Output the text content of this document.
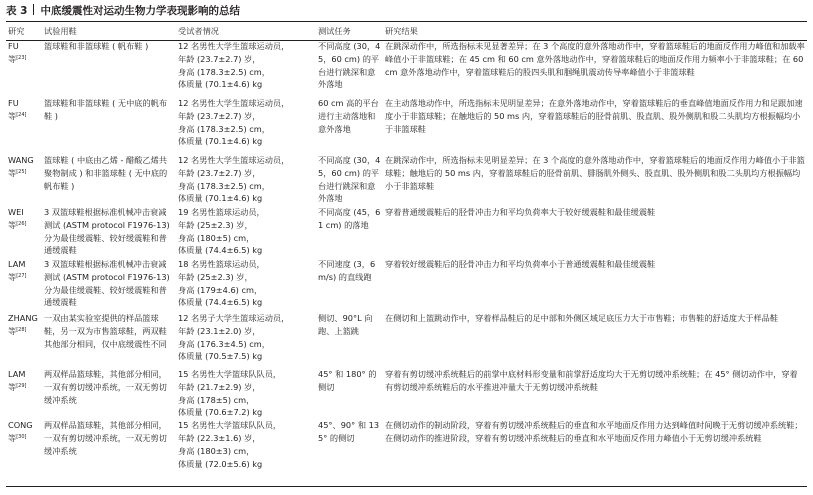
表 3 中底缓震性对运动生物力学表现影响的总结
研究	试验用鞋	受试者情况	测试任务	研究结果

FU
等[23]	篮球鞋和非篮球鞋 ( 帆布鞋 )	12 名男性大学生篮球运动员，
年龄 (23.7±2.7) 岁，
身高 (178.3±2.5) cm，
体质量 (70.1±4.6) kg	不同高度 (30，45，60 cm) 的平台进行跳深和意外落地	在跳深动作中，所选指标未见显著差异；在 3 个高度的意外落地动作中，穿着篮球鞋后的地面反作用力峰值和加载率峰值小于非篮球鞋；在 45 cm 和 60 cm 意外落地动作中，穿着篮球鞋后的地面反作用力频率小于非篮球鞋；在 60 cm 意外落地动作中，穿着篮球鞋后的股四头肌和腘绳肌震动传导率峰值小于非篮球鞋

FU
等[24]	篮球鞋和非篮球鞋 ( 无中底的帆布鞋 )	12 名男性大学生篮球运动员，
年龄 (23.7±2.7) 岁，
身高 (178.3±2.5) cm，
体质量 (70.1±4.6) kg	60 cm 高的平台进行主动落地和意外落地	在主动落地动作中，所选指标未见明显差异；在意外落地动作中，穿着篮球鞋后的垂直峰值地面反作用力和足跟加速度小于非篮球鞋；在触地后的 50 ms 内，穿着篮球鞋后的胫骨前肌、股直肌、股外侧肌和股二头肌均方根振幅均小于非篮球鞋

WANG
等[25]	篮球鞋 ( 中底由乙烯 - 醋酸乙烯共聚物制成 ) 和非篮球鞋 ( 无中底的帆布鞋 )	12 名男性大学生篮球运动员，
年龄 (23.7±2.7) 岁，
身高 (178.3±2.5) cm，
体质量 (70.1±4.6) kg	不同高度 (30，45，60 cm) 的平台进行跳深和意外落地	在跳深动作中，所选指标未见明显差异；在 3 个高度的意外落地动作中，穿着篮球鞋后的地面反作用力峰值小于非篮球鞋；触地后的 50 ms 内，穿着篮球鞋后的胫骨前肌、腓肠肌外侧头、股直肌、股外侧肌和股二头肌均方根振幅均小于非篮球鞋

WEI
等[26]	3 双篮球鞋根据标准机械冲击衰减测试 (ASTM protocol F1976-13) 分为最佳缓震鞋、较好缓震鞋和普通缓震鞋	19 名男性篮球运动员，
年龄 (25±2.3) 岁，
身高 (180±5) cm，
体质量 (74.4±6.5) kg	不同高度 (45，61 cm) 的落地	穿着普通缓震鞋后的胫骨冲击力和平均负荷率大于较好缓震鞋和最佳缓震鞋

LAM
等[27]	3 双篮球鞋根据标准机械冲击衰减测试 (ASTM protocol F1976-13) 分为最佳缓震鞋、较好缓震鞋和普通缓震鞋	18 名男性篮球运动员，
年龄 (25±2.3) 岁，
身高 (179±4.6) cm，
体质量 (74.4±6.5) kg	不同速度 (3，6 m/s) 的直线跑	穿着较好缓震鞋后的胫骨冲击力和平均负荷率小于普通缓震鞋和最佳缓震鞋

ZHANG
等[28]	一双由某实验室提供的样品篮球鞋，另一双为市售篮球鞋，两双鞋其他部分相同，仅中底缓震性不同	12 名男子大学生篮球运动员，
年龄 (23.1±2.0) 岁，
身高 (176.3±4.5) cm，
体质量 (70.5±7.5) kg	侧切、90°L 向跑、上篮跳	在侧切和上篮跳动作中，穿着样品鞋后的足中部和外侧区域足底压力大于市售鞋；市售鞋的舒适度大于样品鞋

LAM
等[29]	两双样品篮球鞋，其他部分相同，一双有剪切缓冲系统，一双无剪切缓冲系统	15 名男性大学篮球队队员，
年龄 (21.7±2.9) 岁，
身高 (178±5) cm，
体质量 (70.6±7.2) kg	45° 和 180° 的侧切	穿着有剪切缓冲系统鞋后的前掌中底材料形变量和前掌舒适度均大于无剪切缓冲系统鞋；在 45° 侧切动作中，穿着有剪切缓冲系统鞋后的水平推进冲量大于无剪切缓冲系统鞋

CONG
等[30]	两双样品篮球鞋，其他部分相同，一双有剪切缓冲系统，一双无剪切缓冲系统	15 名男性大学篮球队队员，
年龄 (22.3±1.6) 岁，
身高 (180±3) cm，
体质量 (72.0±5.6) kg	45°、90° 和 135° 的侧切	在侧切动作的制动阶段，穿着有剪切缓冲系统鞋后的垂直和水平地面反作用力达到峰值时间晚于无剪切缓冲系统鞋；在侧切动作的推进阶段，穿着有剪切缓冲系统鞋后的垂直和水平地面反作用力峰值小于无剪切缓冲系统鞋
